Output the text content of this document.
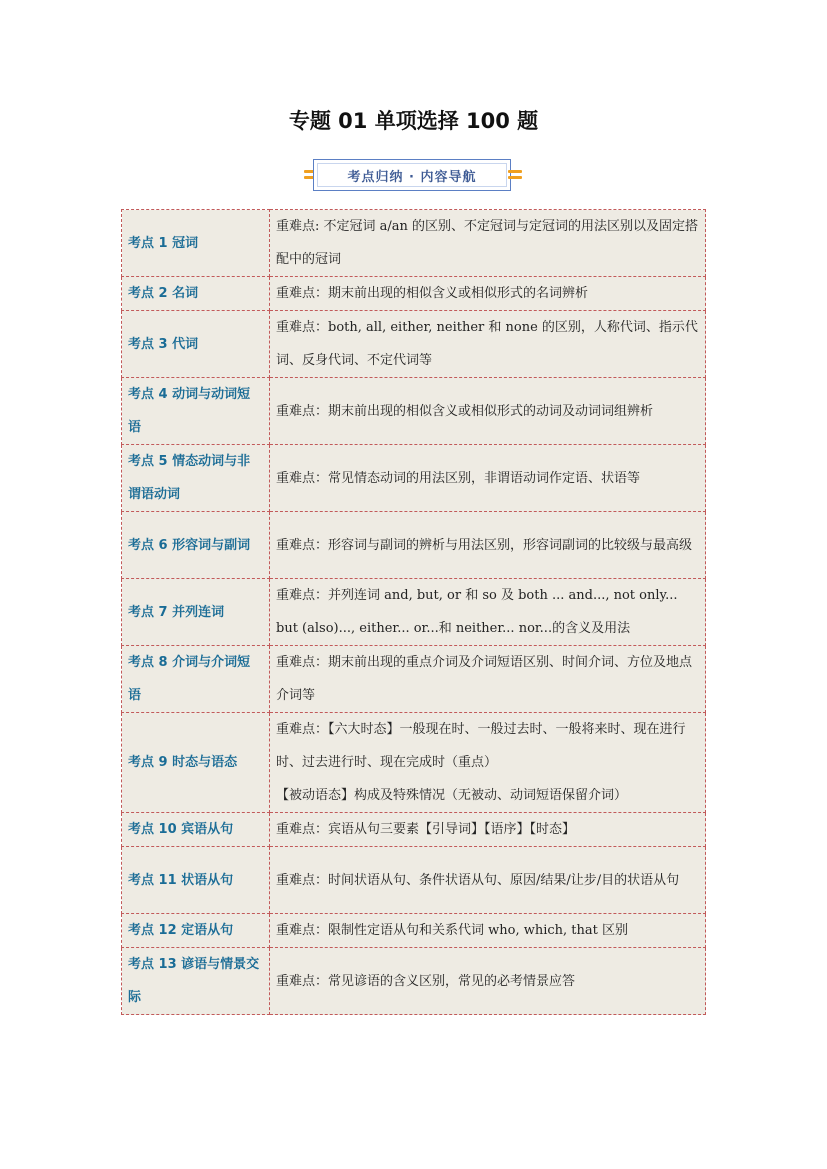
专题 01 单项选择 100 题
考点归纳 · 内容导航
考点 1 冠词	重难点: 不定冠词 a/an 的区别、不定冠词与定冠词的用法区别以及固定搭配中的冠词
考点 2 名词	重难点：期末前出现的相似含义或相似形式的名词辨析
考点 3 代词	重难点：both, all, either, neither 和 none 的区别，人称代词、指示代词、反身代词、不定代词等
考点 4 动词与动词短语	重难点：期末前出现的相似含义或相似形式的动词及动词词组辨析
考点 5 情态动词与非谓语动词	重难点：常见情态动词的用法区别，非谓语动词作定语、状语等
考点 6 形容词与副词	重难点：形容词与副词的辨析与用法区别，形容词副词的比较级与最高级
考点 7 并列连词	重难点：并列连词 and, but, or 和 so 及 both ... and..., not only... but (also)..., either... or...和 neither... nor...的含义及用法
考点 8 介词与介词短语	重难点：期末前出现的重点介词及介词短语区别、时间介词、方位及地点介词等
考点 9 时态与语态	重难点：【六大时态】一般现在时、一般过去时、一般将来时、现在进行时、过去进行时、现在完成时（重点）
【被动语态】构成及特殊情况（无被动、动词短语保留介词）

考点 10 宾语从句	重难点：宾语从句三要素【引导词】【语序】【时态】
考点 11 状语从句	重难点：时间状语从句、条件状语从句、原因/结果/让步/目的状语从句
考点 12 定语从句	重难点：限制性定语从句和关系代词 who, which, that 区别
考点 13 谚语与情景交际	重难点：常见谚语的含义区别，常见的必考情景应答
